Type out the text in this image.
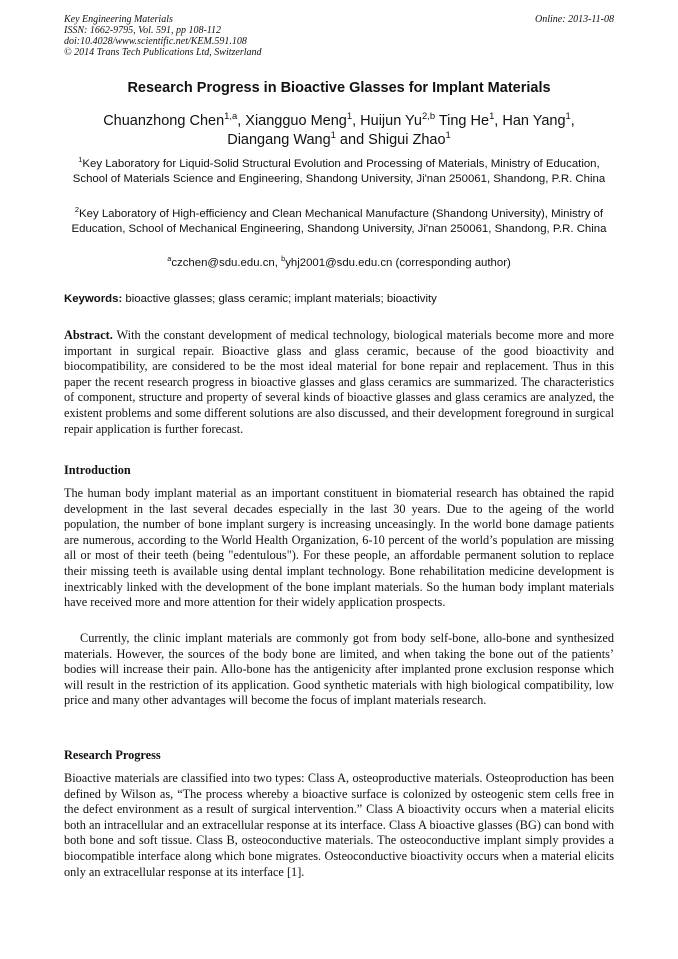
Key Engineering Materials
ISSN: 1662-9795, Vol. 591, pp 108-112
doi:10.4028/www.scientific.net/KEM.591.108
© 2014 Trans Tech Publications Ltd, Switzerland
Online: 2013-11-08
Research Progress in Bioactive Glasses for Implant Materials
Chuanzhong Chen$^{1,a}$, Xiangguo Meng$^1$, Huijun Yu$^{2,b}$ Ting He$^1$, Han Yang$^1$,
Diangang Wang$^1$ and Shigui Zhao$^1$
$^1$Key Laboratory for Liquid-Solid Structural Evolution and Processing of Materials, Ministry of Education, School of Materials Science and Engineering, Shandong University, Ji'nan 250061, Shandong, P.R. China
$^2$Key Laboratory of High-efficiency and Clean Mechanical Manufacture (Shandong University), Ministry of Education, School of Mechanical Engineering, Shandong University, Ji'nan 250061, Shandong, P.R. China
$^a$czchen@sdu.edu.cn, $^b$yhj2001@sdu.edu.cn (corresponding author)
Keywords: bioactive glasses; glass ceramic; implant materials; bioactivity
Abstract. With the constant development of medical technology, biological materials become more and more important in surgical repair. Bioactive glass and glass ceramic, because of the good bioactivity and biocompatibility, are considered to be the most ideal material for bone repair and replacement. Thus in this paper the recent research progress in bioactive glasses and glass ceramics are summarized. The characteristics of component, structure and property of several kinds of bioactive glasses and glass ceramics are analyzed, the existent problems and some different solutions are also discussed, and their development foreground in surgical repair application is further forecast.
Introduction
The human body implant material as an important constituent in biomaterial research has obtained the rapid development in the last several decades especially in the last 30 years. Due to the ageing of the world population, the number of bone implant surgery is increasing unceasingly. In the world bone damage patients are numerous, according to the World Health Organization, 6-10 percent of the world’s population are missing all or most of their teeth (being "edentulous"). For these people, an affordable permanent solution to replace their missing teeth is available using dental implant technology. Bone rehabilitation medicine development is inextricably linked with the development of the bone implant materials. So the human body implant materials have received more and more attention for their widely application prospects.
Currently, the clinic implant materials are commonly got from body self-bone, allo-bone and synthesized materials. However, the sources of the body bone are limited, and when taking the bone out of the patients’ bodies will increase their pain. Allo-bone has the antigenicity after implanted prone exclusion response which will result in the restriction of its application. Good synthetic materials with high biological compatibility, low price and many other advantages will become the focus of implant materials research.
Research Progress
Bioactive materials are classified into two types: Class A, osteoproductive materials. Osteoproduction has been defined by Wilson as, “The process whereby a bioactive surface is colonized by osteogenic stem cells free in the defect environment as a result of surgical intervention.” Class A bioactivity occurs when a material elicits both an intracellular and an extracellular response at its interface. Class A bioactive glasses (BG) can bond with both bone and soft tissue. Class B, osteoconductive materials. The osteoconductive implant simply provides a biocompatible interface along which bone migrates. Osteoconductive bioactivity occurs when a material elicits only an extracellular response at its interface [1].
